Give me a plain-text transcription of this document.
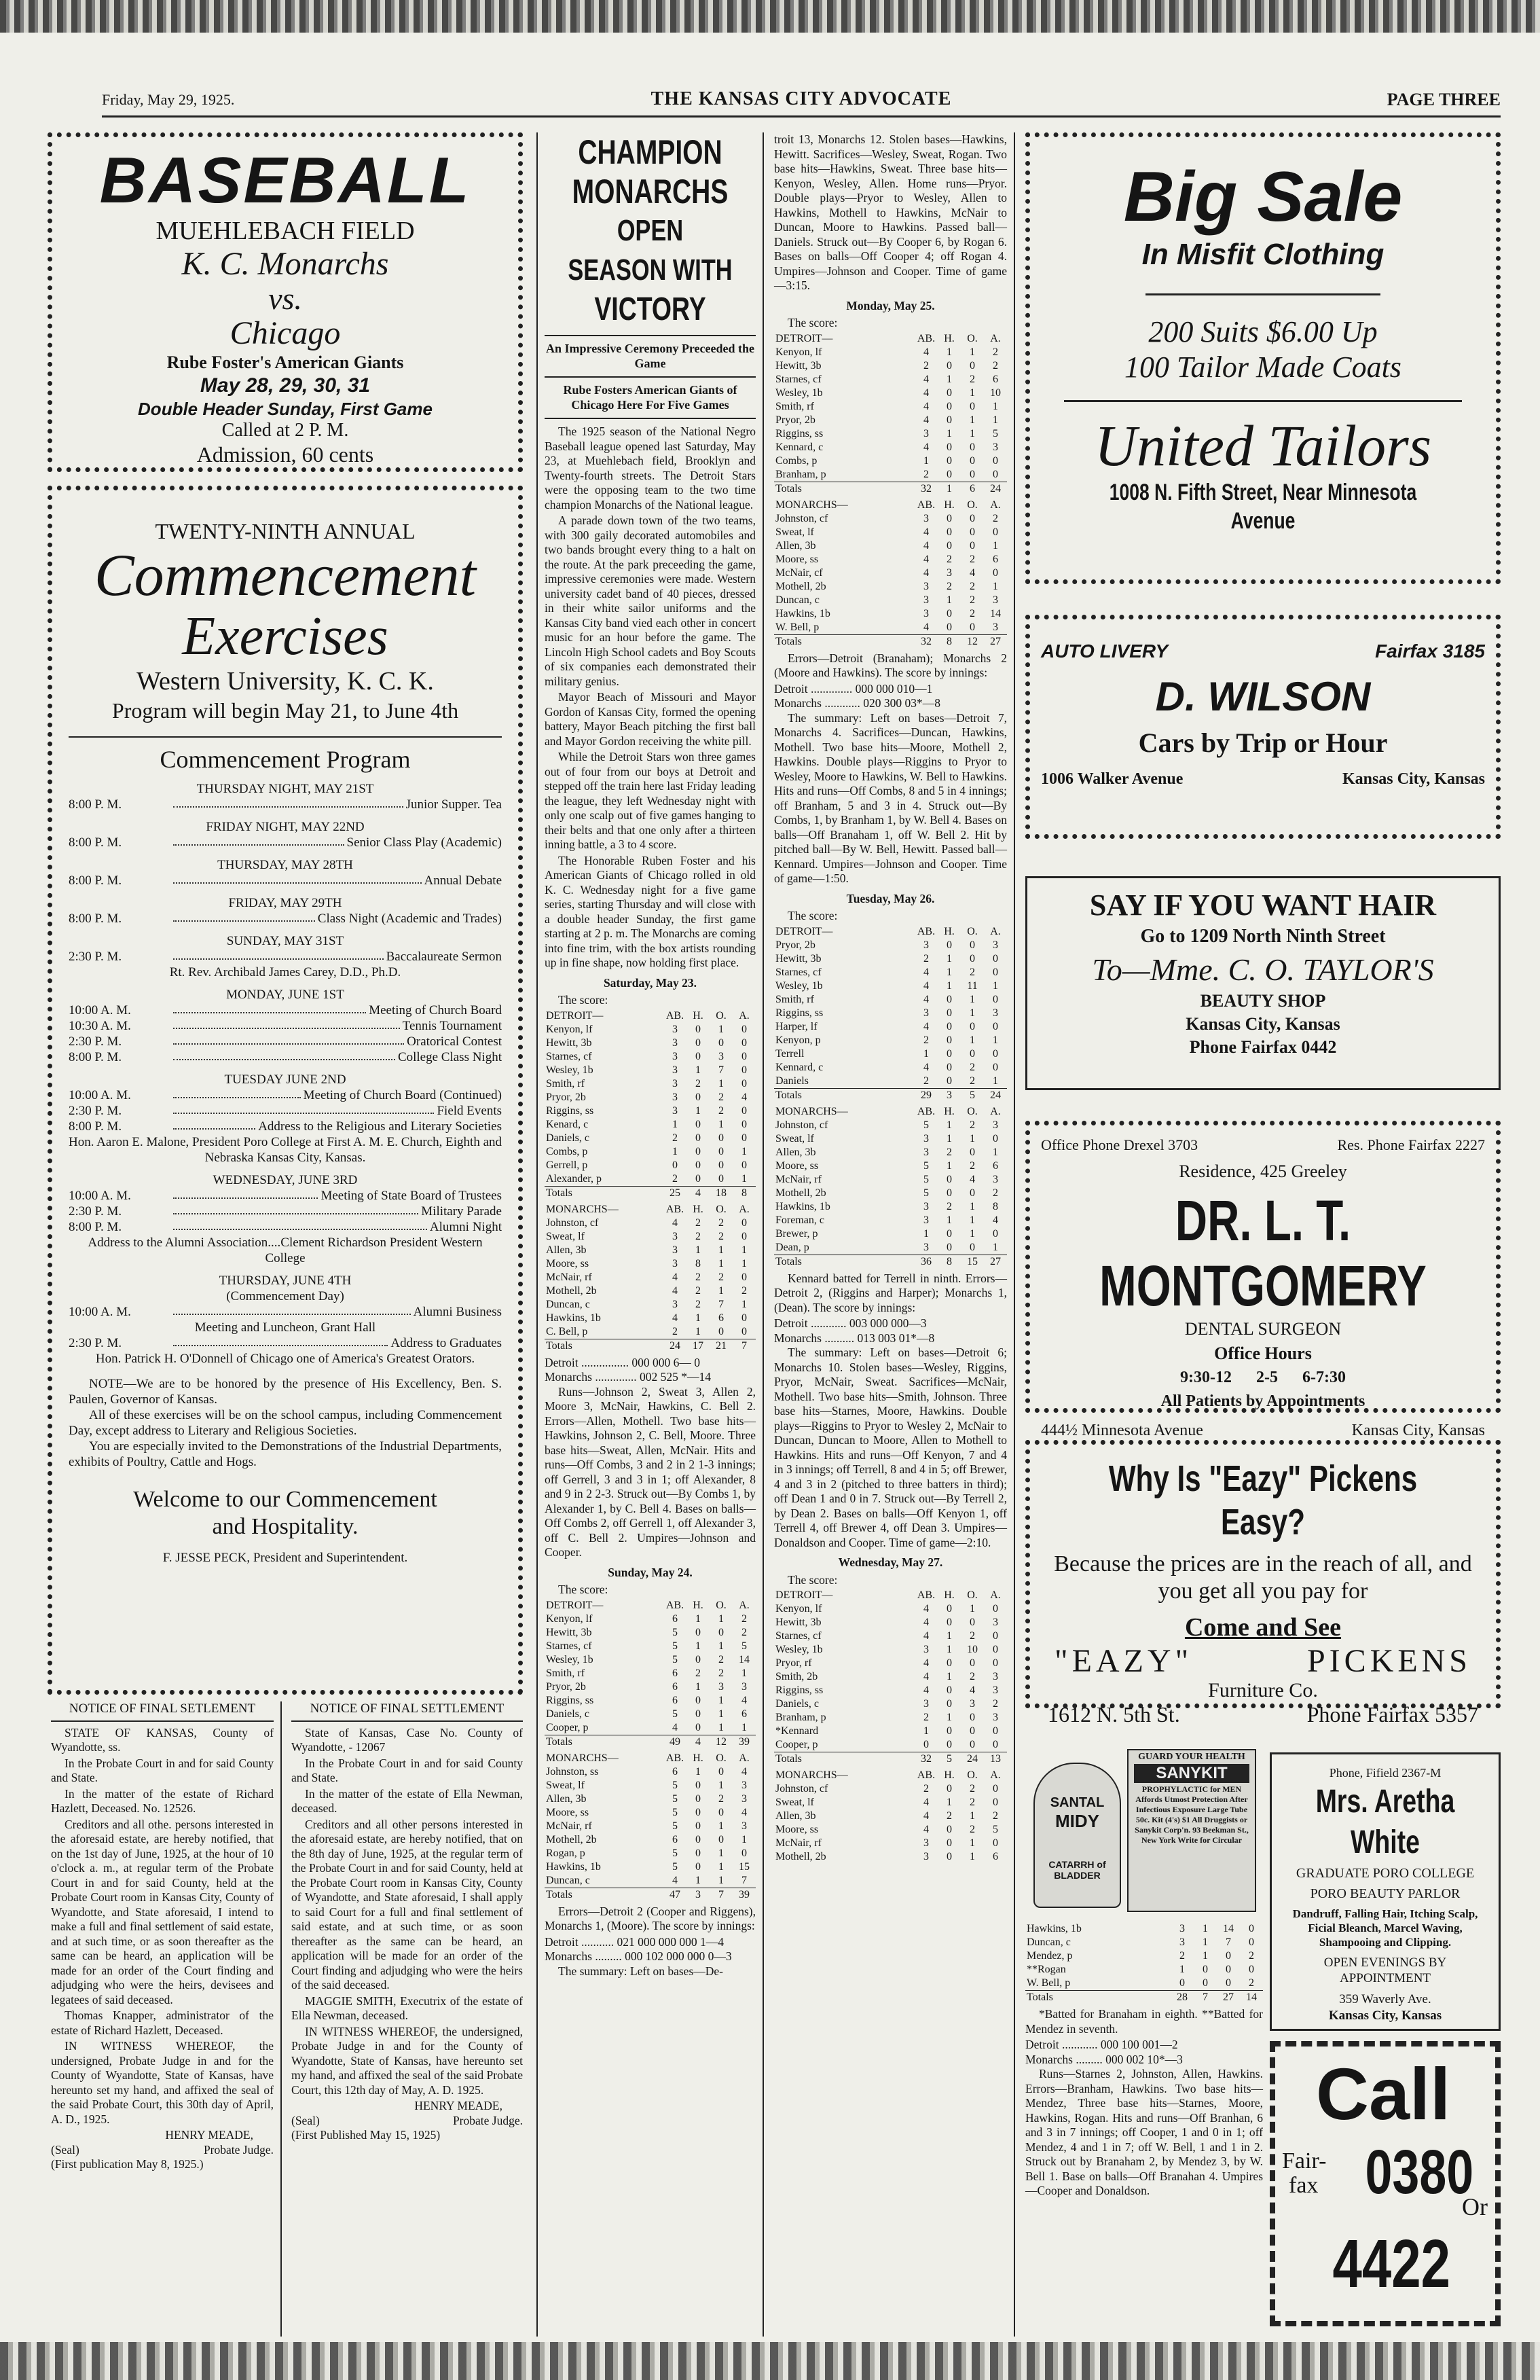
Friday, May 29, 1925.	THE KANSAS CITY ADVOCATE	PAGE THREE
BASEBALL
MUEHLEBACH FIELD
K. C. Monarchs
vs.
Chicago
Rube Foster's American Giants
May 28, 29, 30, 31
Double Header Sunday, First Game
Called at 2 P. M.
Admission, 60 cents
TWENTY-NINTH ANNUAL
Commencement
Exercises
Western University, K. C. K.
Program will begin May 21, to June 4th
Commencement Program
THURSDAY NIGHT, MAY 21ST
8:00 P. M.	Junior Supper. Tea
FRIDAY NIGHT, MAY 22ND
8:00 P. M.	Senior Class Play (Academic)
THURSDAY, MAY 28TH
8:00 P. M.	Annual Debate
FRIDAY, MAY 29TH
8:00 P. M.	Class Night (Academic and Trades)
SUNDAY, MAY 31ST
2:30 P. M.	Baccalaureate Sermon
Rt. Rev. Archibald James Carey, D.D., Ph.D.
MONDAY, JUNE 1ST
10:00 A. M.	Meeting of Church Board
10:30 A. M.	Tennis Tournament
2:30 P. M.	Oratorical Contest
8:00 P. M.	College Class Night
TUESDAY JUNE 2ND
10:00 A. M.	Meeting of Church Board (Continued)
2:30 P. M.	Field Events
8:00 P. M.	Address to the Religious and Literary Societies
Hon. Aaron E. Malone, President Poro College at First A. M. E. Church, Eighth and Nebraska Kansas City, Kansas.
WEDNESDAY, JUNE 3RD
10:00 A. M.	Meeting of State Board of Trustees
2:30 P. M.	Military Parade
8:00 P. M.	Alumni Night
Address to the Alumni Association....Clement Richardson President Western College
THURSDAY, JUNE 4TH
(Commencement Day)
10:00 A. M.	Alumni Business
Meeting and Luncheon, Grant Hall
2:30 P. M.	Address to Graduates
Hon. Patrick H. O'Donnell of Chicago one of America's Greatest Orators.

NOTE—We are to be honored by the presence of His Excellency, Ben. S. Paulen, Governor of Kansas.

All of these exercises will be on the school campus, including Commencement Day, except address to Literary and Religious Societies.

You are especially invited to the Demonstrations of the Industrial Departments, exhibits of Poultry, Cattle and Hogs.

Welcome to our Commencement and Hospitality.
F. JESSE PECK, President and Superintendent.
NOTICE OF FINAL SETLEMENT

STATE OF KANSAS, County of Wyandotte, ss.

In the Probate Court in and for said County and State.

In the matter of the estate of Richard Hazlett, Deceased. No. 12526.

Creditors and all othe. persons interested in the aforesaid estate, are hereby notified, that on the 1st day of June, 1925, at the hour of 10 o'clock a. m., at regular term of the Probate Court in and for said County, held at the Probate Court room in Kansas City, County of Wyandotte, and State aforesaid, I intend to make a full and final settlement of said estate, and at such time, or as soon thereafter as the same can be heard, an application will be made for an order of the Court finding and adjudging who were the heirs, devisees and legatees of said deceased.

Thomas Knapper, administrator of the estate of Richard Hazlett, Deceased.

IN WITNESS WHEREOF, the undersigned, Probate Judge in and for the County of Wyandotte, State of Kansas, have hereunto set my hand, and affixed the seal of the said Probate Court, this 30th day of April, A. D., 1925.

HENRY MEADE,
(Seal)	Probate Judge.
(First publication May 8, 1925.)
NOTICE OF FINAL SETTLEMENT

State of Kansas, Case No. County of Wyandotte, - 12067

In the Probate Court in and for said County and State.

In the matter of the estate of Ella Newman, deceased.

Creditors and all other persons interested in the aforesaid estate, are hereby notified, that on the 8th day of June, 1925, at the regular term of the Probate Court in and for said County, held at the Probate Court room in Kansas City, County of Wyandotte, and State aforesaid, I shall apply to said Court for a full and final settlement of said estate, and at such time, or as soon thereafter as the same can be heard, an application will be made for an order of the Court finding and adjudging who were the heirs of the said deceased.

MAGGIE SMITH, Executrix of the estate of Ella Newman, deceased.

IN WITNESS WHEREOF, the undersigned, Probate Judge in and for the County of Wyandotte, State of Kansas, have hereunto set my hand, and affixed the seal of the said Probate Court, this 12th day of May, A. D. 1925.

HENRY MEADE,
(Seal)	Probate Judge.
(First Published May 15, 1925)
CHAMPION MONARCHS
OPEN SEASON WITH
VICTORY
An Impressive Ceremony Preceeded the Game
Rube Fosters American Giants of Chicago Here For Five Games

The 1925 season of the National Negro Baseball league opened last Saturday, May 23, at Muehlebach field, Brooklyn and Twenty-fourth streets. The Detroit Stars were the opposing team to the two time champion Monarchs of the National league.

A parade down town of the two teams, with 300 gaily decorated automobiles and two bands brought every thing to a halt on the route. At the park preceeding the game, impressive ceremonies were made. Western university cadet band of 40 pieces, dressed in their white sailor uniforms and the Kansas City band vied each other in concert music for an hour before the game. The Lincoln High School cadets and Boy Scouts of six companies each demonstrated their military genius.

Mayor Beach of Missouri and Mayor Gordon of Kansas City, formed the opening battery, Mayor Beach pitching the first ball and Mayor Gordon receiving the white pill.

While the Detroit Stars won three games out of four from our boys at Detroit and stepped off the train here last Friday leading the league, they left Wednesday night with only one scalp out of five games hanging to their belts and that one only after a thirteen inning battle, a 3 to 4 score.

The Honorable Ruben Foster and his American Giants of Chicago rolled in old K. C. Wednesday night for a five game series, starting Thursday and will close with a double header Sunday, the first game starting at 2 p. m. The Monarchs are coming into fine trim, with the box artists rounding up in fine shape, now holding first place.

Saturday, May 23.

The score:

DETROIT—	AB.	H.	O.	A.
Kenyon, lf	3	0	1	0
Hewitt, 3b	3	0	0	0
Starnes, cf	3	0	3	0
Wesley, 1b	3	1	7	0
Smith, rf	3	2	1	0
Pryor, 2b	3	0	2	4
Riggins, ss	3	1	2	0
Kenard, c	1	0	1	0
Daniels, c	2	0	0	0
Combs, p	1	0	0	1
Gerrell, p	0	0	0	0
Alexander, p	2	0	0	1
Totals	25	4	18	8
MONARCHS—	AB.	H.	O.	A.
Johnston, cf	4	2	2	0
Sweat, lf	3	2	2	0
Allen, 3b	3	1	1	1
Moore, ss	3	8	1	1
McNair, rf	4	2	2	0
Mothell, 2b	4	2	1	2
Duncan, c	3	2	7	1
Hawkins, 1b	4	1	6	0
C. Bell, p	2	1	0	0
Totals	24	17	21	7
Detroit ................ 000 000 6— 0
Monarchs .............. 002 525 *—14

Runs—Johnson 2, Sweat 3, Allen 2, Moore 3, McNair, Hawkins, C. Bell 2. Errors—Allen, Mothell. Two base hits—Hawkins, Johnson 2, C. Bell, Moore. Three base hits—Sweat, Allen, McNair. Hits and runs—Off Combs, 3 and 2 in 2 1-3 innings; off Gerrell, 3 and 3 in 1; off Alexander, 8 and 9 in 2 2-3. Struck out—By Combs 1, by Alexander 1, by C. Bell 4. Bases on balls—Off Combs 2, off Gerrell 1, off Alexander 3, off C. Bell 2. Umpires—Johnson and Cooper.

Sunday, May 24.

The score:

DETROIT—	AB.	H.	O.	A.
Kenyon, lf	6	1	1	2
Hewitt, 3b	5	0	0	2
Starnes, cf	5	1	1	5
Wesley, 1b	5	0	2	14
Smith, rf	6	2	2	1
Pryor, 2b	6	1	3	3
Riggins, ss	6	0	1	4
Daniels, c	5	0	1	6
Cooper, p	4	0	1	1
Totals	49	4	12	39
MONARCHS—	AB.	H.	O.	A.
Johnston, ss	6	1	0	4
Sweat, lf	5	0	1	3
Allen, 3b	5	0	2	3
Moore, ss	5	0	0	4
McNair, rf	5	0	1	3
Mothell, 2b	6	0	0	1
Rogan, p	5	0	1	0
Hawkins, 1b	5	0	1	15
Duncan, c	4	1	1	7
Totals	47	3	7	39

Errors—Detroit 2 (Cooper and Riggens), Monarchs 1, (Moore). The score by innings:

Detroit ........... 021 000 000 000 1—4
Monarchs ......... 000 102 000 000 0—3

The summary: Left on bases—De-

troit 13, Monarchs 12. Stolen bases—Hawkins, Hewitt. Sacrifices—Wesley, Sweat, Rogan. Two base hits—Hawkins, Sweat. Three base hits—Kenyon, Wesley, Allen. Home runs—Pryor. Double plays—Pryor to Wesley, Allen to Hawkins, Mothell to Hawkins, McNair to Duncan, Moore to Hawkins. Passed ball—Daniels. Struck out—By Cooper 6, by Rogan 6. Bases on balls—Off Cooper 4; off Rogan 4. Umpires—Johnson and Cooper. Time of game—3:15.

Monday, May 25.

The score:

DETROIT—	AB.	H.	O.	A.
Kenyon, lf	4	1	1	2
Hewitt, 3b	2	0	0	2
Starnes, cf	4	1	2	6
Wesley, 1b	4	0	1	10
Smith, rf	4	0	0	1
Pryor, 2b	4	0	1	1
Riggins, ss	3	1	1	5
Kennard, c	4	0	0	3
Combs, p	1	0	0	0
Branham, p	2	0	0	0
Totals	32	1	6	24
MONARCHS—	AB.	H.	O.	A.
Johnston, cf	3	0	0	2
Sweat, lf	4	0	0	0
Allen, 3b	4	0	0	1
Moore, ss	4	2	2	6
McNair, cf	4	3	4	0
Mothell, 2b	3	2	2	1
Duncan, c	3	1	2	3
Hawkins, 1b	3	0	2	14
W. Bell, p	4	0	0	3
Totals	32	8	12	27

Errors—Detroit (Branaham); Monarchs 2 (Moore and Hawkins). The score by innings:

Detroit .............. 000 000 010—1
Monarchs ............ 020 300 03*—8

The summary: Left on bases—Detroit 7, Monarchs 4. Sacrifices—Duncan, Hawkins, Mothell. Two base hits—Moore, Mothell 2, Hawkins. Double plays—Riggins to Pryor to Wesley, Moore to Hawkins, W. Bell to Hawkins. Hits and runs—Off Combs, 8 and 5 in 4 innings; off Branham, 5 and 3 in 4. Struck out—By Combs, 1, by Branham 1, by W. Bell 4. Bases on balls—Off Branaham 1, off W. Bell 2. Hit by pitched ball—By W. Bell, Hewitt. Passed ball—Kennard. Umpires—Johnson and Cooper. Time of game—1:50.

Tuesday, May 26.

The score:

DETROIT—	AB.	H.	O.	A.
Pryor, 2b	3	0	0	3
Hewitt, 3b	2	1	0	0
Starnes, cf	4	1	2	0
Wesley, 1b	4	1	11	1
Smith, rf	4	0	1	0
Riggins, ss	3	0	1	3
Harper, lf	4	0	0	0
Kenyon, p	2	0	1	1
Terrell	1	0	0	0
Kennard, c	4	0	2	0
Daniels	2	0	2	1
Totals	29	3	5	24
MONARCHS—	AB.	H.	O.	A.
Johnston, cf	5	1	2	3
Sweat, lf	3	1	1	0
Allen, 3b	3	2	0	1
Moore, ss	5	1	2	6
McNair, rf	5	0	4	3
Mothell, 2b	5	0	0	2
Hawkins, 1b	3	2	1	8
Foreman, c	3	1	1	4
Brewer, p	1	0	1	0
Dean, p	3	0	0	1
Totals	36	8	15	27

Kennard batted for Terrell in ninth. Errors—Detroit 2, (Riggins and Harper); Monarchs 1, (Dean). The score by innings:

Detroit ............ 003 000 000—3
Monarchs .......... 013 003 01*—8

The summary: Left on bases—Detroit 6; Monarchs 10. Stolen bases—Wesley, Riggins, Pryor, McNair, Sweat. Sacrifices—McNair, Mothell. Two base hits—Smith, Johnson. Three base hits—Starnes, Moore, Hawkins. Double plays—Riggins to Pryor to Wesley 2, McNair to Duncan, Duncan to Moore, Allen to Mothell to Hawkins. Hits and runs—Off Kenyon, 7 and 4 in 3 innings; off Terrell, 8 and 4 in 5; off Brewer, 4 and 3 in 2 (pitched to three batters in third); off Dean 1 and 0 in 7. Struck out—By Terrell 2, by Dean 2. Bases on balls—Off Kenyon 1, off Terrell 4, off Brewer 4, off Dean 3. Umpires—Donaldson and Cooper. Time of game—2:10.

Wednesday, May 27.

The score:

DETROIT—	AB.	H.	O.	A.
Kenyon, lf	4	0	1	0
Hewitt, 3b	4	0	0	3
Starnes, cf	4	1	2	0
Wesley, 1b	3	1	10	0
Pryor, rf	4	0	0	0
Smith, 2b	4	1	2	3
Riggins, ss	4	0	4	3
Daniels, c	3	0	3	2
Branham, p	2	1	0	3
*Kennard	1	0	0	0
Cooper, p	0	0	0	0
Totals	32	5	24	13
MONARCHS—	AB.	H.	O.	A.
Johnston, cf	2	0	2	0
Sweat, lf	4	1	2	0
Allen, 3b	4	2	1	2
Moore, ss	4	0	2	5
McNair, rf	3	0	1	0
Mothell, 2b	3	0	1	6
Big Sale
In Misfit Clothing
200 Suits $6.00 Up
100 Tailor Made Coats
United Tailors
1008 N. Fifth Street, Near Minnesota Avenue
AUTO LIVERY	Fairfax 3185
D. WILSON
Cars by Trip or Hour
1006 Walker Avenue	Kansas City, Kansas
SAY IF YOU WANT HAIR
Go to 1209 North Ninth Street
To—Mme. C. O. TAYLOR'S
BEAUTY SHOP
Kansas City, Kansas
Phone Fairfax 0442
Office Phone Drexel 3703	Res. Phone Fairfax 2227
Residence, 425 Greeley
DR. L. T. MONTGOMERY
DENTAL SURGEON
Office Hours
9:30-12 2-5 6-7:30
All Patients by Appointments
444½ Minnesota Avenue	Kansas City, Kansas
Why Is "Eazy" Pickens Easy?
Because the prices are in the reach of all, and you get all you pay for
Come and See
"EAZY"	PICKENS
Furniture Co.
1612 N. 5th St.	Phone Fairfax 5357
SANTAL
MIDY
CATARRH of BLADDER
GUARD YOUR HEALTH
SANYKIT
PROPHYLACTIC for MEN Affords Utmost Protection After Infectious Exposure Large Tube 50c. Kit (4's) $1 All Druggists or Sanykit Corp'n. 93 Beekman St., New York Write for Circular
Hawkins, 1b	3	1	14	0
Duncan, c	3	1	7	0
Mendez, p	2	1	0	2
**Rogan	1	0	0	0
W. Bell, p	0	0	0	2
Totals	28	7	27	14

*Batted for Branaham in eighth. **Batted for Mendez in seventh.

Detroit ............ 000 100 001—2
Monarchs ......... 000 002 10*—3

Runs—Starnes 2, Johnston, Allen, Hawkins. Errors—Branham, Hawkins. Two base hits—Mendez, Three base hits—Starnes, Moore, Hawkins, Rogan. Hits and runs—Off Branhan, 6 and 3 in 7 innings; off Cooper, 1 and 0 in 1; off Mendez, 4 and 1 in 7; off W. Bell, 1 and 1 in 2. Struck out by Branaham 2, by Mendez 3, by W. Bell 1. Base on balls—Off Branahan 4. Umpires—Cooper and Donaldson.

Phone, Fifield 2367-M
Mrs. Aretha White
GRADUATE PORO COLLEGE
PORO BEAUTY PARLOR
Dandruff, Falling Hair, Itching Scalp, Ficial Bleanch, Marcel Waving, Shampooing and Clipping.
OPEN EVENINGS BY APPOINTMENT
359 Waverly Ave.
Kansas City, Kansas
Call
Fair-
fax 0380
Or
4422
